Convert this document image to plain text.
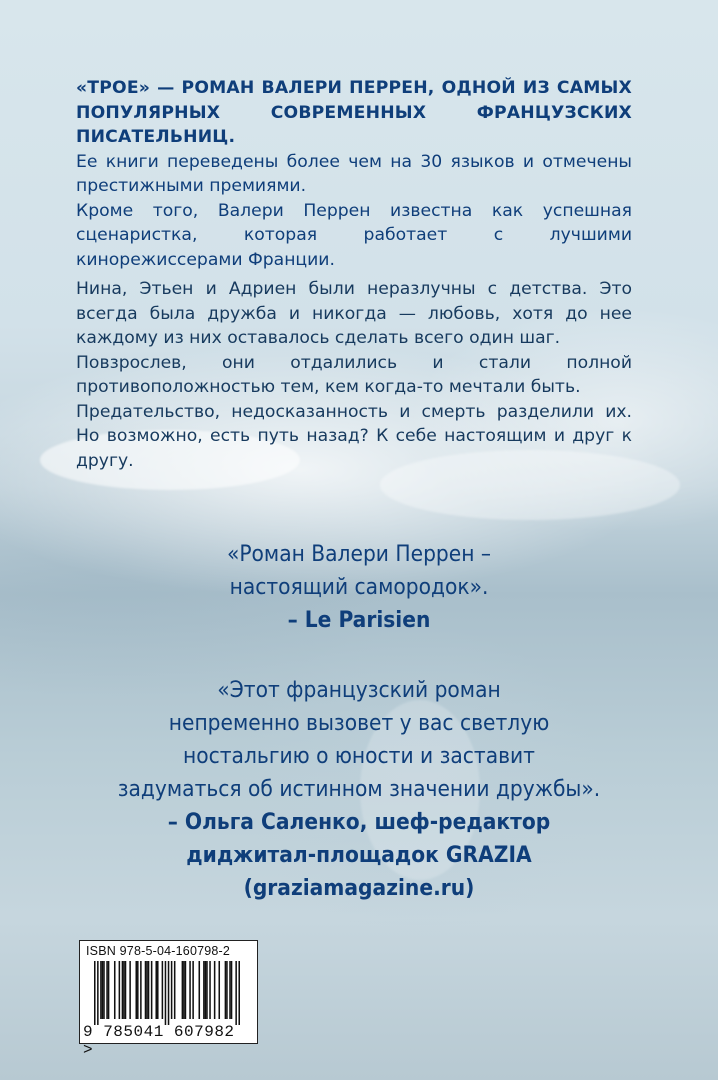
«ТРОЕ» — РОМАН ВАЛЕРИ ПЕРРЕН, ОДНОЙ ИЗ САМЫХ

ПОПУЛЯРНЫХ СОВРЕМЕННЫХ ФРАНЦУЗСКИХ ПИСАТЕЛЬНИЦ.

Ее книги переведены более чем на 30 языков и отмечены престижными премиями.

Кроме того, Валери Перрен известна как успешная сценаристка, которая работает с лучшими кинорежиссерами Франции.

Нина, Этьен и Адриен были неразлучны с детства. Это всегда была дружба и никогда — любовь, хотя до нее каждому из них оставалось сделать всего один шаг.

Повзрослев, они отдалились и стали полной противоположностью тем, кем когда-то мечтали быть.

Предательство, недосказанность и смерть разделили их. Но возможно, есть путь назад? К себе настоящим и друг к другу.

«Роман Валери Перрен –
настоящий самородок».
– Le Parisien
«Этот французский роман
непременно вызовет у вас светлую
ностальгию о юности и заставит
задуматься об истинном значении дружбы».
– Ольга Саленко, шеф-редактор
диджитал-площадок GRAZIA
(graziamagazine.ru)
ISBN 978-5-04-160798-2
9 785041 607982 >
